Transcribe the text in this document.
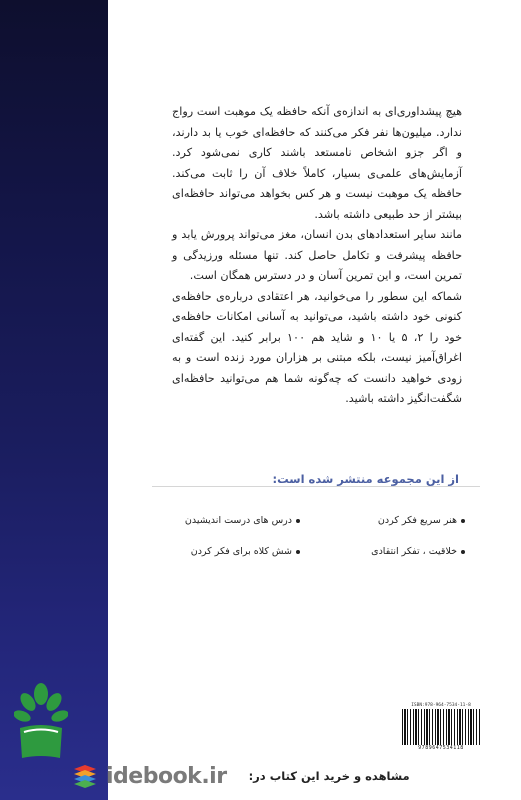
هیچ پیشداوری‌ای به اندازه‌ی آنکه حافظه یک موهبت است رواج ندارد. میلیون‌ها نفر فکر می‌کنند که حافظه‌ای خوب یا بد دارند، و اگر جزو اشخاص نامستعد باشند کاری نمی‌شود کرد. آزمایش‌های علمی‌ی بسیار، کاملاً خلاف آن را ثابت می‌کند. حافظه یک موهبت نیست و هر کس بخواهد می‌تواند حافظه‌ای بیشتر از حد طبیعی داشته باشد.

مانند سایر استعدادهای بدن انسان، مغز می‌تواند پرورش یابد و حافظه پیشرفت و تکامل حاصل کند. تنها مسئله ورزیدگی و تمرین است، و این تمرین آسان و در دسترس همگان است.

شماکه این سطور را می‌خوانید، هر اعتقادی درباره‌ی حافظه‌ی کنونی خود داشته باشید، می‌توانید به آسانی امکانات حافظه‌ی خود را ۲، ۵ یا ۱۰ و شاید هم ۱۰۰ برابر کنید. این گفته‌ای اغراق‌آمیز نیست، بلکه مبتنی بر هزاران مورد زنده است و به زودی خواهید دانست که چه‌گونه شما هم می‌توانید حافظه‌ای شگفت‌انگیز داشته باشید.

از این مجموعه منتشر شده است:
هنر سریع فکر کردن
درس های درست اندیشیدن
خلاقیت ، تفکر انتقادی
شش کلاه برای فکر کردن
ISBN:978-964-7534-11-8
9789647534118
idebook.ir مشاهده و خرید این کتاب در:
